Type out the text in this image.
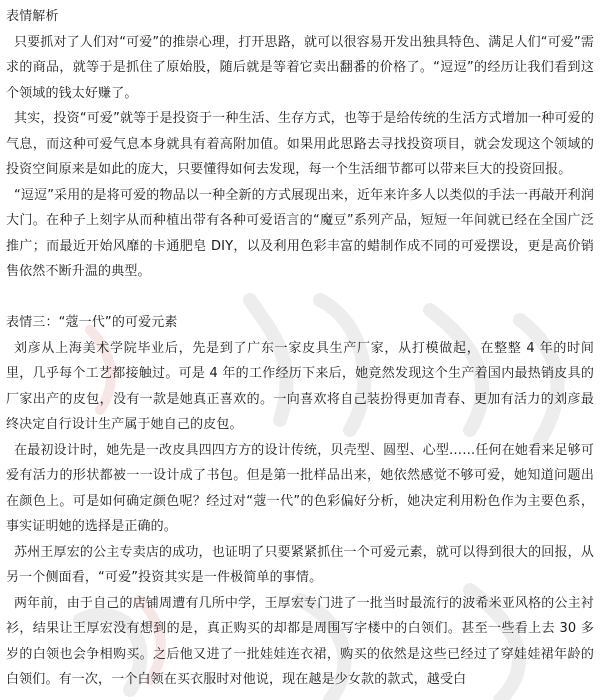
表情解析

只要抓对了人们对“可爱”的推崇心理，打开思路，就可以很容易开发出独具特色、满足人们“可爱”需求的商品，就等于是抓住了原始股，随后就是等着它卖出翻番的价格了。“逗逗”的经历让我们看到这个领域的钱太好赚了。

其实，投资“可爱”就等于是投资于一种生活、生存方式，也等于是给传统的生活方式增加一种可爱的气息，而这种可爱气息本身就具有着高附加值。如果用此思路去寻找投资项目，就会发现这个领域的投资空间原来是如此的庞大，只要懂得如何去发现，每一个生活细节都可以带来巨大的投资回报。

“逗逗”采用的是将可爱的物品以一种全新的方式展现出来，近年来许多人以类似的手法一再敲开利润大门。在种子上刻字从而种植出带有各种可爱语言的“魔豆”系列产品，短短一年间就已经在全国广泛推广；而最近开始风靡的卡通肥皂 DIY，以及利用色彩丰富的蜡制作成不同的可爱摆设，更是高价销售依然不断升温的典型。

表情三：“蔻一代”的可爱元素

刘彦从上海美术学院毕业后，先是到了广东一家皮具生产厂家，从打模做起，在整整 4 年的时间里，几乎每个工艺都接触过。可是 4 年的工作经历下来后，她竟然发现这个生产着国内最热销皮具的厂家出产的皮包，没有一款是她真正喜欢的。一向喜欢将自己装扮得更加青春、更加有活力的刘彦最终决定自行设计生产属于她自己的皮包。

在最初设计时，她先是一改皮具四四方方的设计传统，贝壳型、圆型、心型……任何在她看来足够可爱有活力的形状都被一一设计成了书包。但是第一批样品出来，她依然感觉不够可爱，她知道问题出在颜色上。可是如何确定颜色呢？经过对“蔻一代”的色彩偏好分析，她决定利用粉色作为主要色系，事实证明她的选择是正确的。

苏州王厚宏的公主专卖店的成功，也证明了只要紧紧抓住一个可爱元素，就可以得到很大的回报，从另一个侧面看，“可爱”投资其实是一件极简单的事情。

两年前，由于自己的店铺周遭有几所中学，王厚宏专门进了一批当时最流行的波希米亚风格的公主衬衫，结果让王厚宏没有想到的是，真正购买的却都是周围写字楼中的白领们。甚至一些看上去 30 多岁的白领也会争相购买。之后他又进了一批娃娃连衣裙，购买的依然是这些已经过了穿娃娃裙年龄的白领们。有一次，一个白领在买衣服时对他说，现在越是少女款的款式，越受白
